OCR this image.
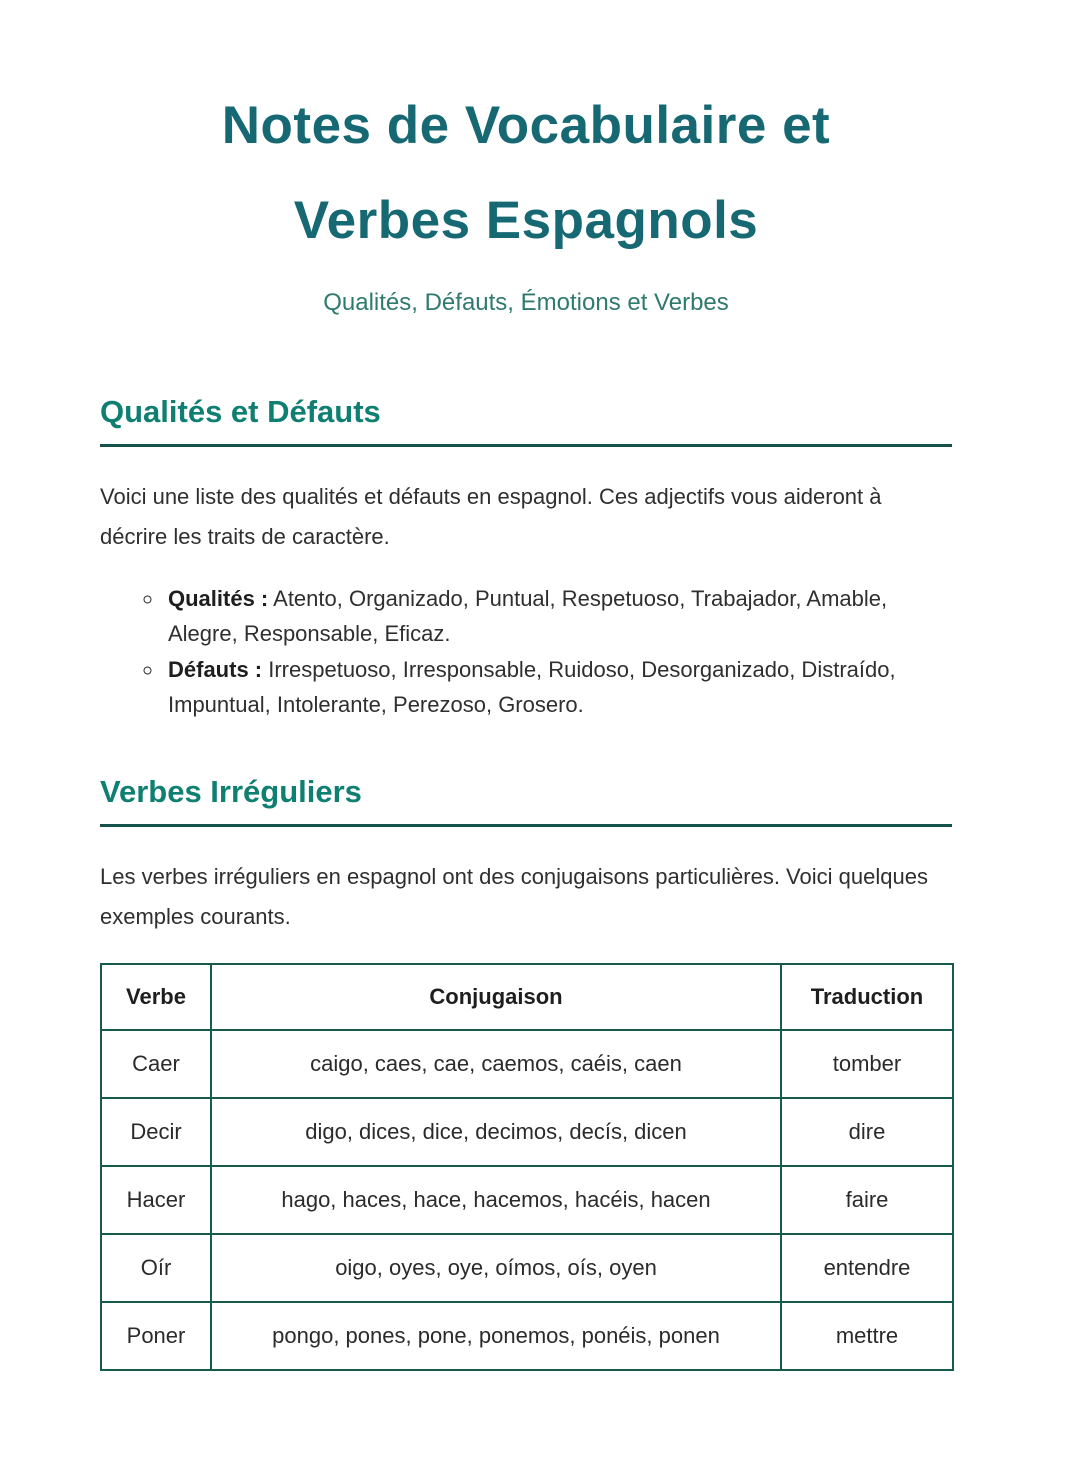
Notes de Vocabulaire et
Verbes Espagnols
Qualités, Défauts, Émotions et Verbes
Qualités et Défauts

Voici une liste des qualités et défauts en espagnol. Ces adjectifs vous aideront à décrire les traits de caractère.

◦ Qualités : Atento, Organizado, Puntual, Respetuoso, Trabajador, Amable, Alegre, Responsable, Eficaz.
◦ Défauts : Irrespetuoso, Irresponsable, Ruidoso, Desorganizado, Distraído, Impuntual, Intolerante, Perezoso, Grosero.
Verbes Irréguliers

Les verbes irréguliers en espagnol ont des conjugaisons particulières. Voici quelques exemples courants.

Verbe	Conjugaison	Traduction
Caer	caigo, caes, cae, caemos, caéis, caen	tomber
Decir	digo, dices, dice, decimos, decís, dicen	dire
Hacer	hago, haces, hace, hacemos, hacéis, hacen	faire
Oír	oigo, oyes, oye, oímos, oís, oyen	entendre
Poner	pongo, pones, pone, ponemos, ponéis, ponen	mettre
